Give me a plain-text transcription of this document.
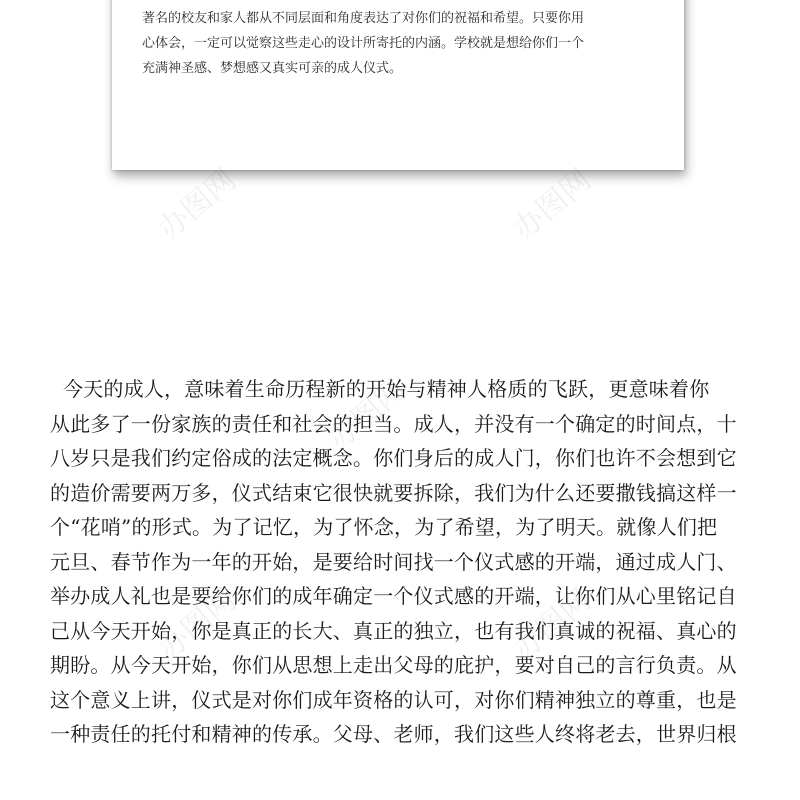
著名的校友和家人都从不同层面和角度表达了对你们的祝福和希望。只要你用
心体会，一定可以觉察这些走心的设计所寄托的内涵。学校就是想给你们一个
充满神圣感、梦想感又真实可亲的成人仪式。
办图网	办图网
办图网
办图网	办图网
今天的成人，意味着生命历程新的开始与精神人格质的飞跃，更意味着你
从此多了一份家族的责任和社会的担当。成人，并没有一个确定的时间点，十
八岁只是我们约定俗成的法定概念。你们身后的成人门，你们也许不会想到它
的造价需要两万多，仪式结束它很快就要拆除，我们为什么还要撒钱搞这样一
个“花哨”的形式。为了记忆，为了怀念，为了希望，为了明天。就像人们把
元旦、春节作为一年的开始，是要给时间找一个仪式感的开端，通过成人门、
举办成人礼也是要给你们的成年确定一个仪式感的开端，让你们从心里铭记自
己从今天开始，你是真正的长大、真正的独立，也有我们真诚的祝福、真心的
期盼。从今天开始，你们从思想上走出父母的庇护，要对自己的言行负责。从
这个意义上讲，仪式是对你们成年资格的认可，对你们精神独立的尊重，也是
一种责任的托付和精神的传承。父母、老师，我们这些人终将老去，世界归根
